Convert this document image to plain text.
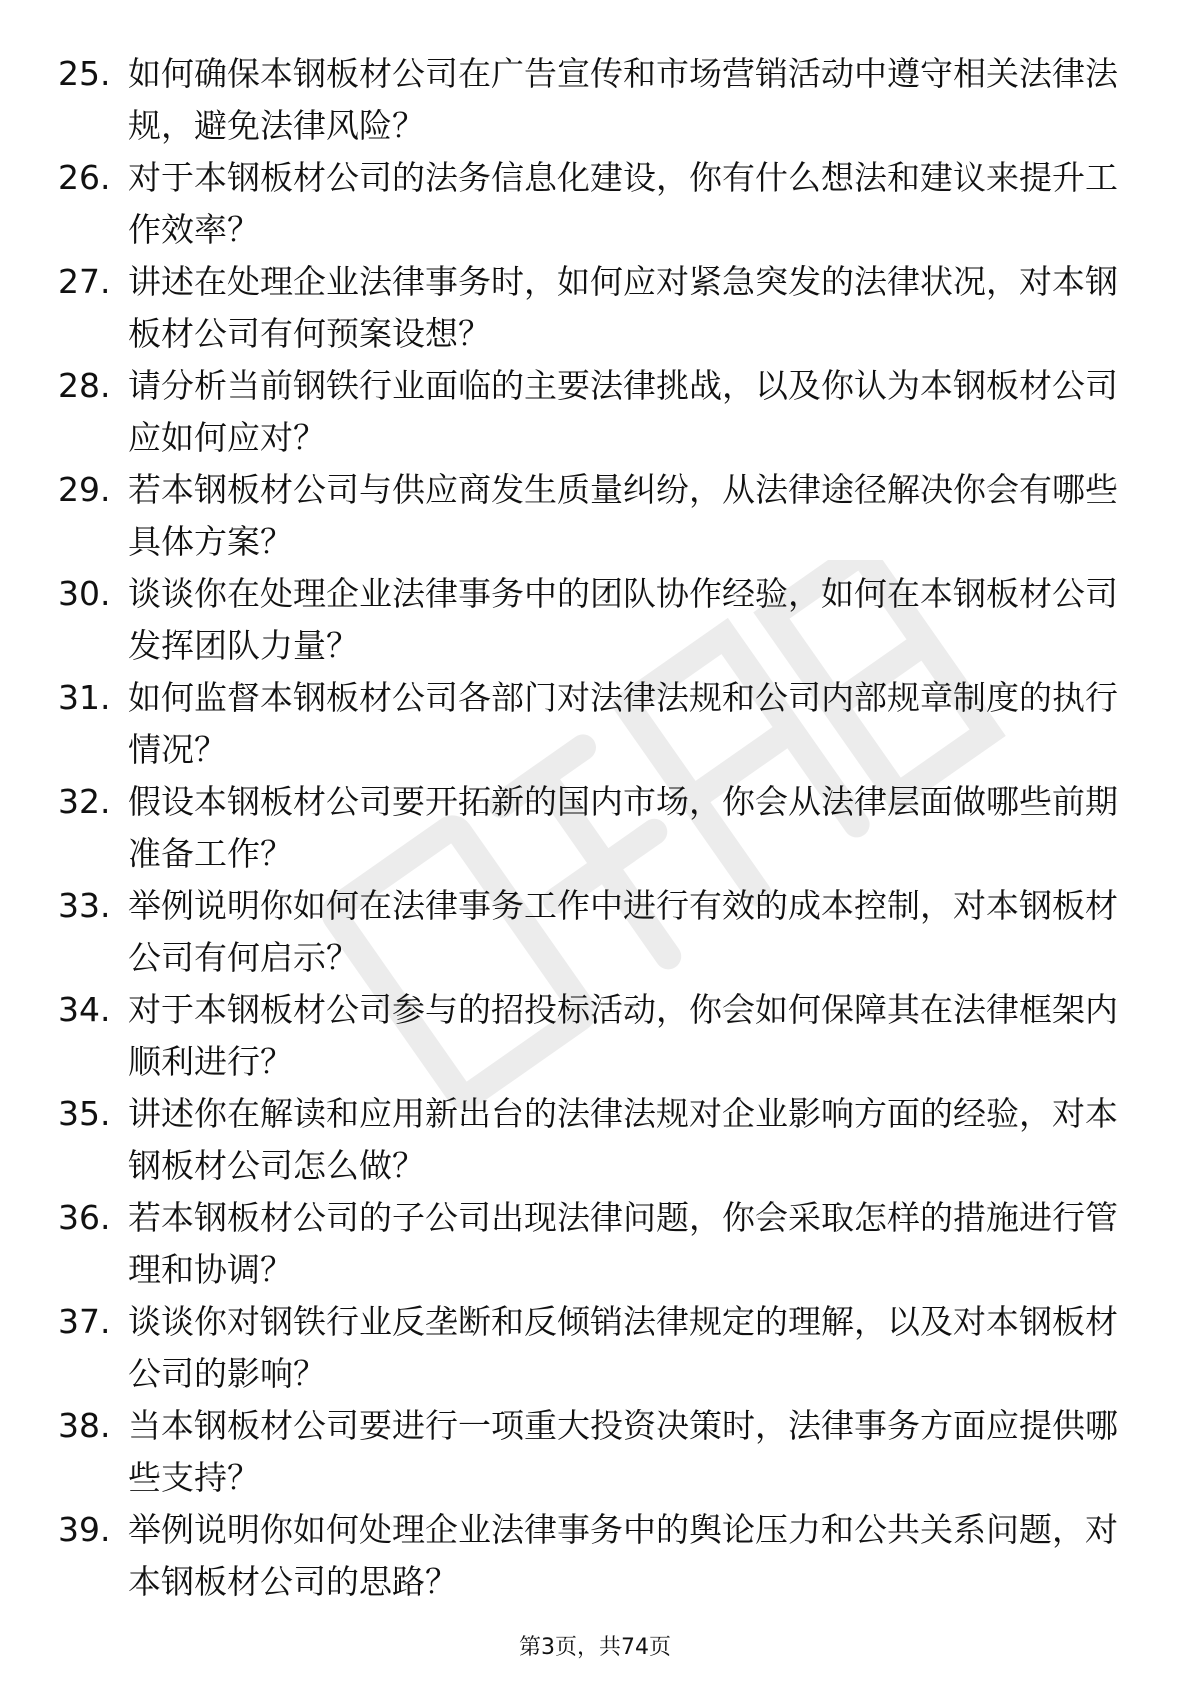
25. 如何确保本钢板材公司在广告宣传和市场营销活动中遵守相关法律法规，避免法律风险？
26. 对于本钢板材公司的法务信息化建设，你有什么想法和建议来提升工作效率？
27. 讲述在处理企业法律事务时，如何应对紧急突发的法律状况，对本钢板材公司有何预案设想？
28. 请分析当前钢铁行业面临的主要法律挑战，以及你认为本钢板材公司应如何应对？
29. 若本钢板材公司与供应商发生质量纠纷，从法律途径解决你会有哪些具体方案？
30. 谈谈你在处理企业法律事务中的团队协作经验，如何在本钢板材公司发挥团队力量？
31. 如何监督本钢板材公司各部门对法律法规和公司内部规章制度的执行情况？
32. 假设本钢板材公司要开拓新的国内市场，你会从法律层面做哪些前期准备工作？
33. 举例说明你如何在法律事务工作中进行有效的成本控制，对本钢板材公司有何启示？
34. 对于本钢板材公司参与的招投标活动，你会如何保障其在法律框架内顺利进行？
35. 讲述你在解读和应用新出台的法律法规对企业影响方面的经验，对本钢板材公司怎么做？
36. 若本钢板材公司的子公司出现法律问题，你会采取怎样的措施进行管理和协调？
37. 谈谈你对钢铁行业反垄断和反倾销法律规定的理解，以及对本钢板材公司的影响？
38. 当本钢板材公司要进行一项重大投资决策时，法律事务方面应提供哪些支持？
39. 举例说明你如何处理企业法律事务中的舆论压力和公共关系问题，对本钢板材公司的思路？
第3页，共74页
